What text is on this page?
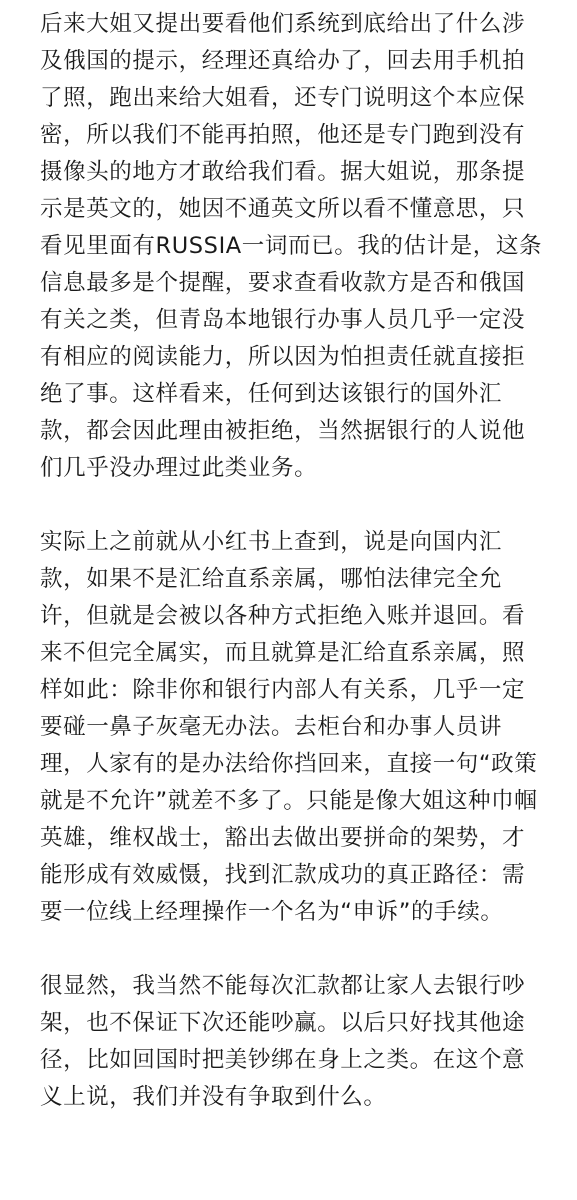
后来大姐又提出要看他们系统到底给出了什么涉及俄国的提示，经理还真给办了，回去用手机拍了照，跑出来给大姐看，还专门说明这个本应保密，所以我们不能再拍照，他还是专门跑到没有摄像头的地方才敢给我们看。据大姐说，那条提示是英文的，她因不通英文所以看不懂意思，只看见里面有RUSSIA一词而已。我的估计是，这条信息最多是个提醒，要求查看收款方是否和俄国有关之类，但青岛本地银行办事人员几乎一定没有相应的阅读能力，所以因为怕担责任就直接拒绝了事。这样看来，任何到达该银行的国外汇款，都会因此理由被拒绝，当然据银行的人说他们几乎没办理过此类业务。

实际上之前就从小红书上查到，说是向国内汇款，如果不是汇给直系亲属，哪怕法律完全允许，但就是会被以各种方式拒绝入账并退回。看来不但完全属实，而且就算是汇给直系亲属，照样如此：除非你和银行内部人有关系，几乎一定要碰一鼻子灰毫无办法。去柜台和办事人员讲理，人家有的是办法给你挡回来，直接一句“政策就是不允许”就差不多了。只能是像大姐这种巾帼英雄，维权战士，豁出去做出要拼命的架势，才能形成有效威慑，找到汇款成功的真正路径：需要一位线上经理操作一个名为“申诉”的手续。

很显然，我当然不能每次汇款都让家人去银行吵架，也不保证下次还能吵赢。以后只好找其他途径，比如回国时把美钞绑在身上之类。在这个意义上说，我们并没有争取到什么。
